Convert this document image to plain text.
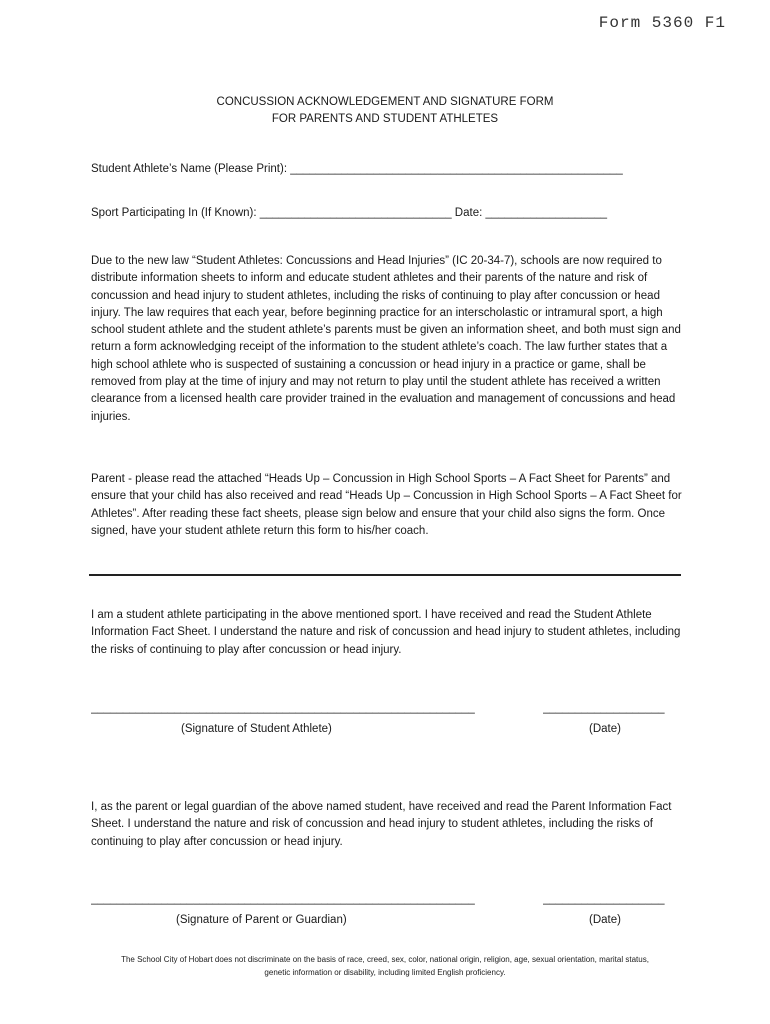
Form 5360 F1
CONCUSSION ACKNOWLEDGEMENT AND SIGNATURE FORM
FOR PARENTS AND STUDENT ATHLETES
Student Athlete’s Name (Please Print): ____________________________________________________
Sport Participating In (If Known): ______________________________ Date: ___________________

Due to the new law “Student Athletes: Concussions and Head Injuries” (IC 20-34-7), schools are now required to distribute information sheets to inform and educate student athletes and their parents of the nature and risk of concussion and head injury to student athletes, including the risks of continuing to play after concussion or head injury. The law requires that each year, before beginning practice for an interscholastic or intramural sport, a high school student athlete and the student athlete’s parents must be given an information sheet, and both must sign and return a form acknowledging receipt of the information to the student athlete’s coach. The law further states that a high school athlete who is suspected of sustaining a concussion or head injury in a practice or game, shall be removed from play at the time of injury and may not return to play until the student athlete has received a written clearance from a licensed health care provider trained in the evaluation and management of concussions and head injuries.

Parent - please read the attached “Heads Up – Concussion in High School Sports – A Fact Sheet for Parents” and ensure that your child has also received and read “Heads Up – Concussion in High School Sports – A Fact Sheet for Athletes”. After reading these fact sheets, please sign below and ensure that your child also signs the form. Once signed, have your student athlete return this form to his/her coach.

I am a student athlete participating in the above mentioned sport. I have received and read the Student Athlete Information Fact Sheet. I understand the nature and risk of concussion and head injury to student athletes, including the risks of continuing to play after concussion or head injury.

____________________________________________________________	___________________
(Signature of Student Athlete)	(Date)

I, as the parent or legal guardian of the above named student, have received and read the Parent Information Fact Sheet. I understand the nature and risk of concussion and head injury to student athletes, including the risks of continuing to play after concussion or head injury.

____________________________________________________________	___________________
(Signature of Parent or Guardian)	(Date)
The School City of Hobart does not discriminate on the basis of race, creed, sex, color, national origin, religion, age, sexual orientation, marital status,
genetic information or disability, including limited English proficiency.
